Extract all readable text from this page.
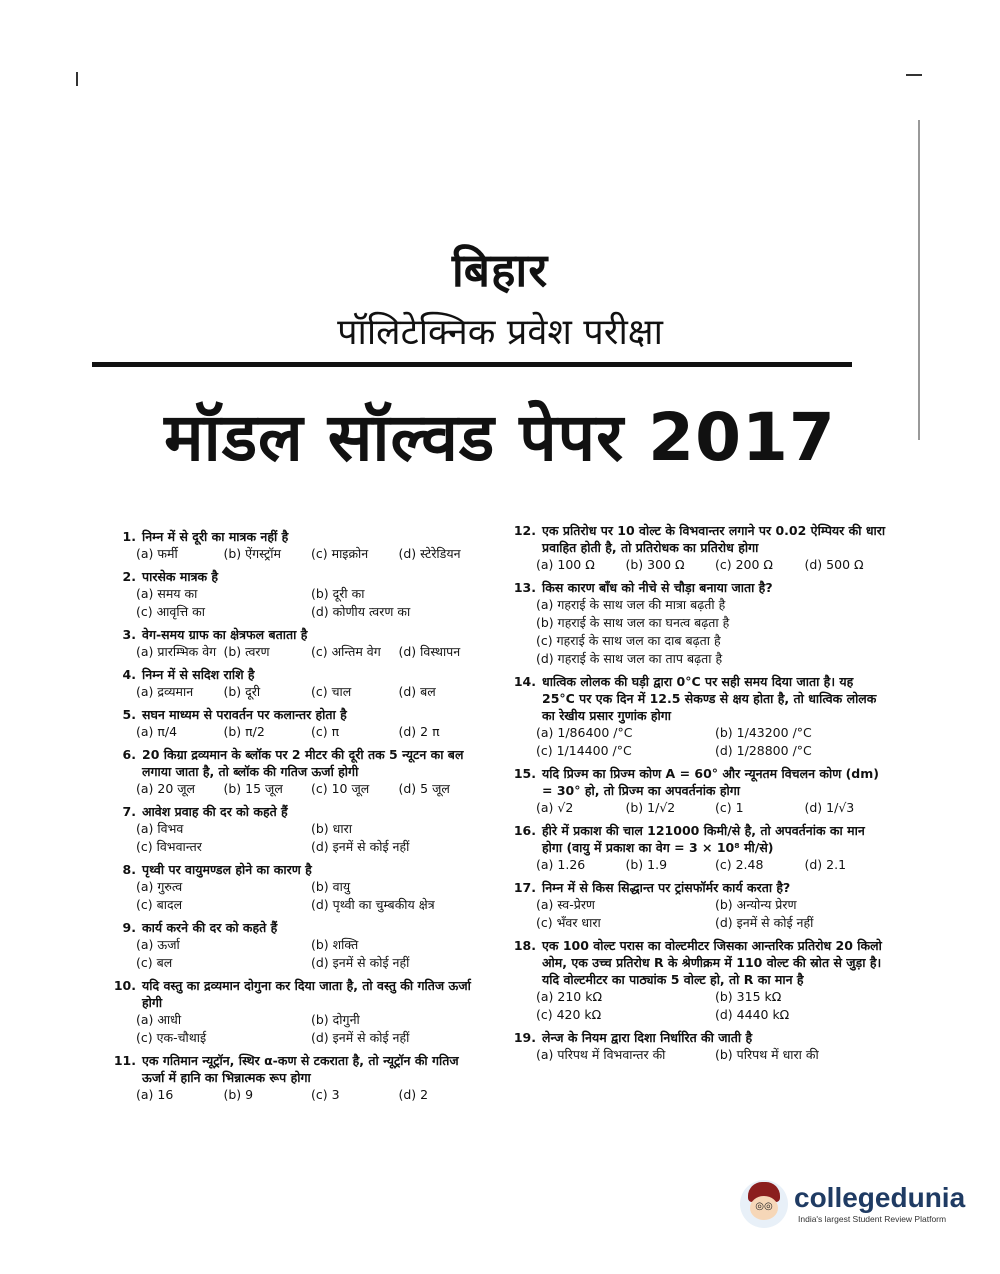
बिहार
पॉलिटेक्निक प्रवेश परीक्षा
मॉडल सॉल्वड पेपर 2017
1. निम्न में से दूरी का मात्रक नहीं है
(a) फर्मी	(b) ऐंगस्ट्रॉम	(c) माइक्रोन	(d) स्टेरेडियन
2. पारसेक मात्रक है
(a) समय का	(b) दूरी का
(c) आवृत्ति का	(d) कोणीय त्वरण का
3. वेग-समय ग्राफ का क्षेत्रफल बताता है
(a) प्रारम्भिक वेग (b) त्वरण	(c) अन्तिम वेग	(d) विस्थापन
4. निम्न में से सदिश राशि है
(a) द्रव्यमान	(b) दूरी	(c) चाल	(d) बल
5. सघन माध्यम से परावर्तन पर कलान्तर होता है
(a) π/4	(b) π/2	(c) π	(d) 2 π
6. 20 किग्रा द्रव्यमान के ब्लॉक पर 2 मीटर की दूरी तक 5 न्यूटन का बल लगाया जाता है, तो ब्लॉक की गतिज ऊर्जा होगी
(a) 20 जूल	(b) 15 जूल	(c) 10 जूल	(d) 5 जूल
7. आवेश प्रवाह की दर को कहते हैं
(a) विभव	(b) धारा
(c) विभवान्तर	(d) इनमें से कोई नहीं
8. पृथ्वी पर वायुमण्डल होने का कारण है
(a) गुरुत्व	(b) वायु
(c) बादल	(d) पृथ्वी का चुम्बकीय क्षेत्र
9. कार्य करने की दर को कहते हैं
(a) ऊर्जा	(b) शक्ति
(c) बल	(d) इनमें से कोई नहीं
10. यदि वस्तु का द्रव्यमान दोगुना कर दिया जाता है, तो वस्तु की गतिज ऊर्जा होगी
(a) आधी	(b) दोगुनी
(c) एक-चौथाई	(d) इनमें से कोई नहीं
11. एक गतिमान न्यूट्रॉन, स्थिर α-कण से टकराता है, तो न्यूट्रॉन की गतिज ऊर्जा में हानि का भिन्नात्मक रूप होगा
(a) 16	(b) 9	(c) 3	(d) 2
12. एक प्रतिरोध पर 10 वोल्ट के विभवान्तर लगाने पर 0.02 ऐम्पियर की धारा प्रवाहित होती है, तो प्रतिरोधक का प्रतिरोध होगा
(a) 100 Ω	(b) 300 Ω	(c) 200 Ω	(d) 500 Ω
13. किस कारण बाँध को नीचे से चौड़ा बनाया जाता है?
(a) गहराई के साथ जल की मात्रा बढ़ती है
(b) गहराई के साथ जल का घनत्व बढ़ता है
(c) गहराई के साथ जल का दाब बढ़ता है
(d) गहराई के साथ जल का ताप बढ़ता है
14. धात्विक लोलक की घड़ी द्वारा 0°C पर सही समय दिया जाता है। यह 25°C पर एक दिन में 12.5 सेकण्ड से क्षय होता है, तो धात्विक लोलक का रेखीय प्रसार गुणांक होगा
(a) 1/86400 /°C	(b) 1/43200 /°C
(c) 1/14400 /°C	(d) 1/28800 /°C
15. यदि प्रिज्म का प्रिज्म कोण A = 60° और न्यूनतम विचलन कोण (dm) = 30° हो, तो प्रिज्म का अपवर्तनांक होगा
(a) √2	(b) 1/√2	(c) 1	(d) 1/√3
16. हीरे में प्रकाश की चाल 121000 किमी/से है, तो अपवर्तनांक का मान होगा (वायु में प्रकाश का वेग = 3 × 10⁸ मी/से)
(a) 1.26	(b) 1.9	(c) 2.48	(d) 2.1
17. निम्न में से किस सिद्धान्त पर ट्रांसफॉर्मर कार्य करता है?
(a) स्व-प्रेरण	(b) अन्योन्य प्रेरण
(c) भँवर धारा	(d) इनमें से कोई नहीं
18. एक 100 वोल्ट परास का वोल्टमीटर जिसका आन्तरिक प्रतिरोध 20 किलो ओम, एक उच्च प्रतिरोध R के श्रेणीक्रम में 110 वोल्ट की स्रोत से जुड़ा है। यदि वोल्टमीटर का पाठ्यांक 5 वोल्ट हो, तो R का मान है
(a) 210 kΩ	(b) 315 kΩ
(c) 420 kΩ	(d) 4440 kΩ
19. लेन्ज के नियम द्वारा दिशा निर्धारित की जाती है
(a) परिपथ में विभवान्तर की	(b) परिपथ में धारा की
◎◎ collegedunia
India's largest Student Review Platform
